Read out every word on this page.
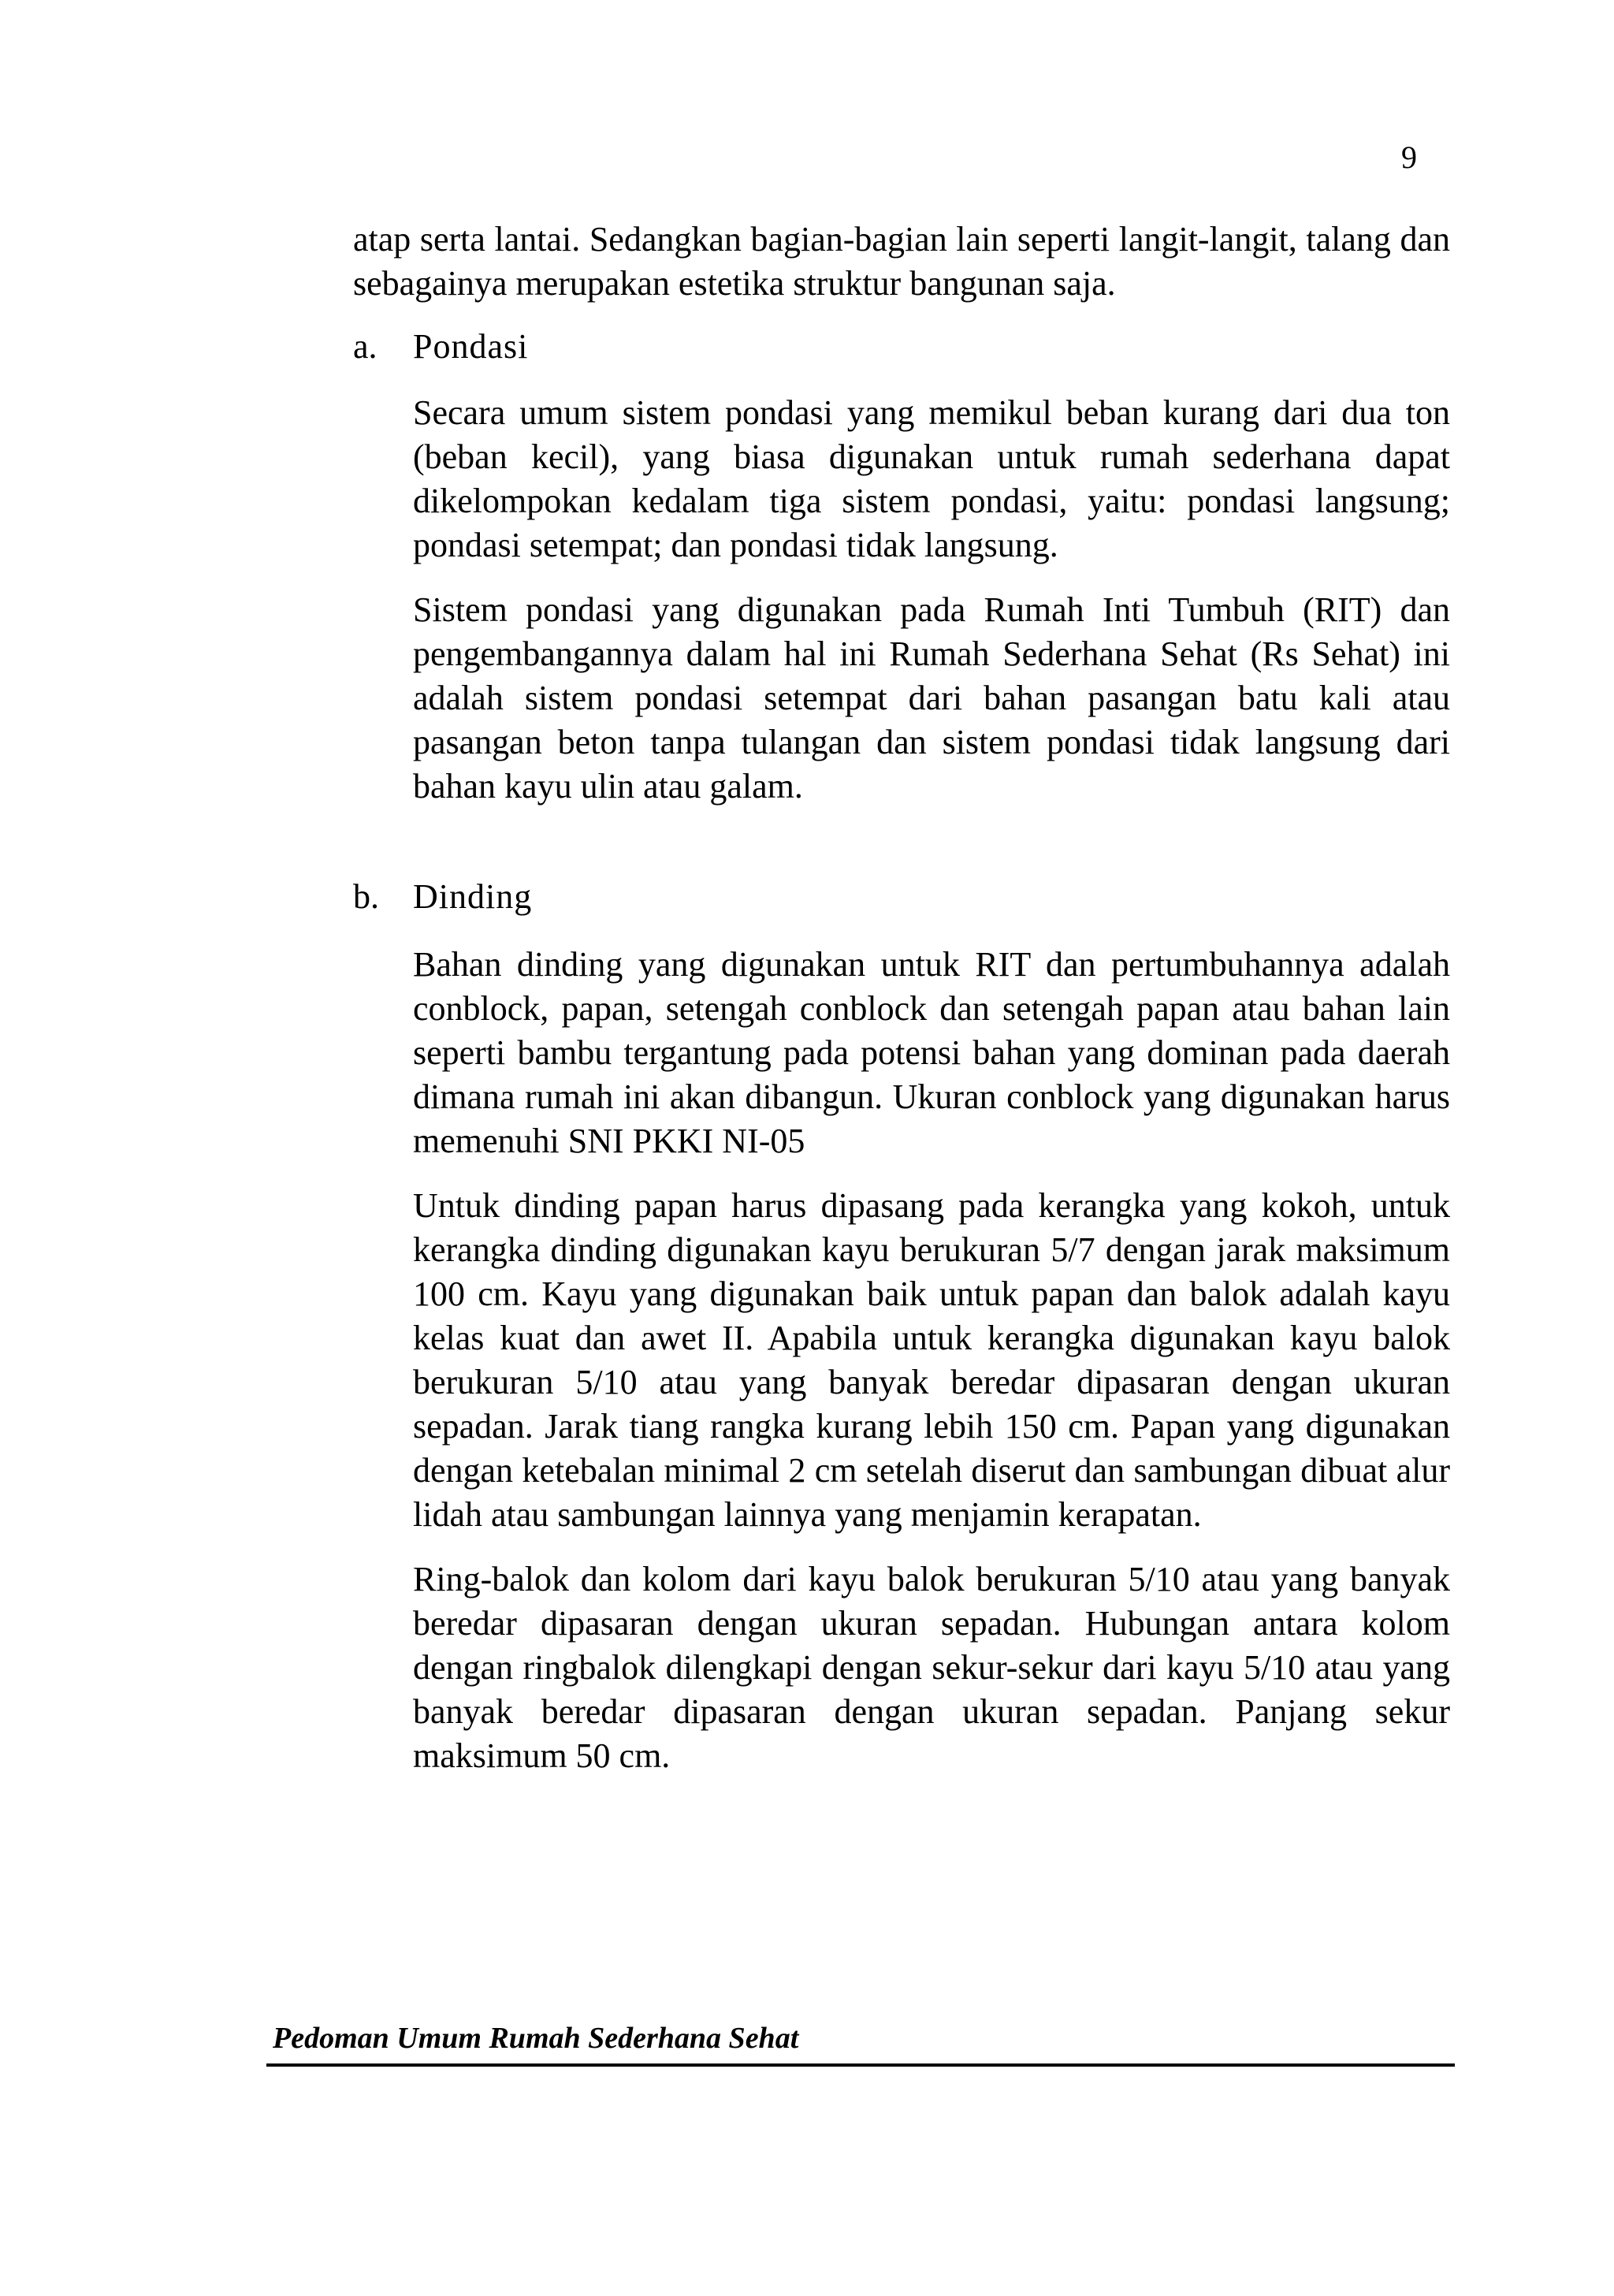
9

atap serta lantai. Sedangkan bagian-bagian lain seperti langit-langit, talang dan sebagainya merupakan estetika struktur bangunan saja.

a.	Pondasi

Secara umum sistem pondasi yang memikul beban kurang dari dua ton (beban kecil), yang biasa digunakan untuk rumah sederhana dapat dikelompokan kedalam tiga sistem pondasi, yaitu: pondasi langsung; pondasi setempat; dan pondasi tidak langsung.

Sistem pondasi yang digunakan pada Rumah Inti Tumbuh (RIT) dan pengembangannya dalam hal ini Rumah Sederhana Sehat (Rs Sehat) ini adalah sistem pondasi setempat dari bahan pasangan batu kali atau pasangan beton tanpa tulangan dan sistem pondasi tidak langsung dari bahan kayu ulin atau galam.

b. Dinding

Bahan dinding yang digunakan untuk RIT dan pertumbuhannya adalah conblock, papan, setengah conblock dan setengah papan atau bahan lain seperti bambu tergantung pada potensi bahan yang dominan pada daerah dimana rumah ini akan dibangun. Ukuran conblock yang digunakan harus memenuhi SNI PKKI NI-05

Untuk dinding papan harus dipasang pada kerangka yang kokoh, untuk kerangka dinding digunakan kayu berukuran 5/7 dengan jarak maksimum 100 cm. Kayu yang digunakan baik untuk papan dan balok adalah kayu kelas kuat dan awet II. Apabila untuk kerangka digunakan kayu balok berukuran 5/10 atau yang banyak beredar dipasaran dengan ukuran sepadan. Jarak tiang rangka kurang lebih 150 cm. Papan yang digunakan dengan ketebalan minimal 2 cm setelah diserut dan sambungan dibuat alur lidah atau sambungan lainnya yang menjamin kerapatan.

Ring-balok dan kolom dari kayu balok berukuran 5/10 atau yang banyak beredar dipasaran dengan ukuran sepadan. Hubungan antara kolom dengan ringbalok dilengkapi dengan sekur-sekur dari kayu 5/10 atau yang banyak beredar dipasaran dengan ukuran sepadan. Panjang sekur maksimum 50 cm.

Pedoman Umum Rumah Sederhana Sehat
